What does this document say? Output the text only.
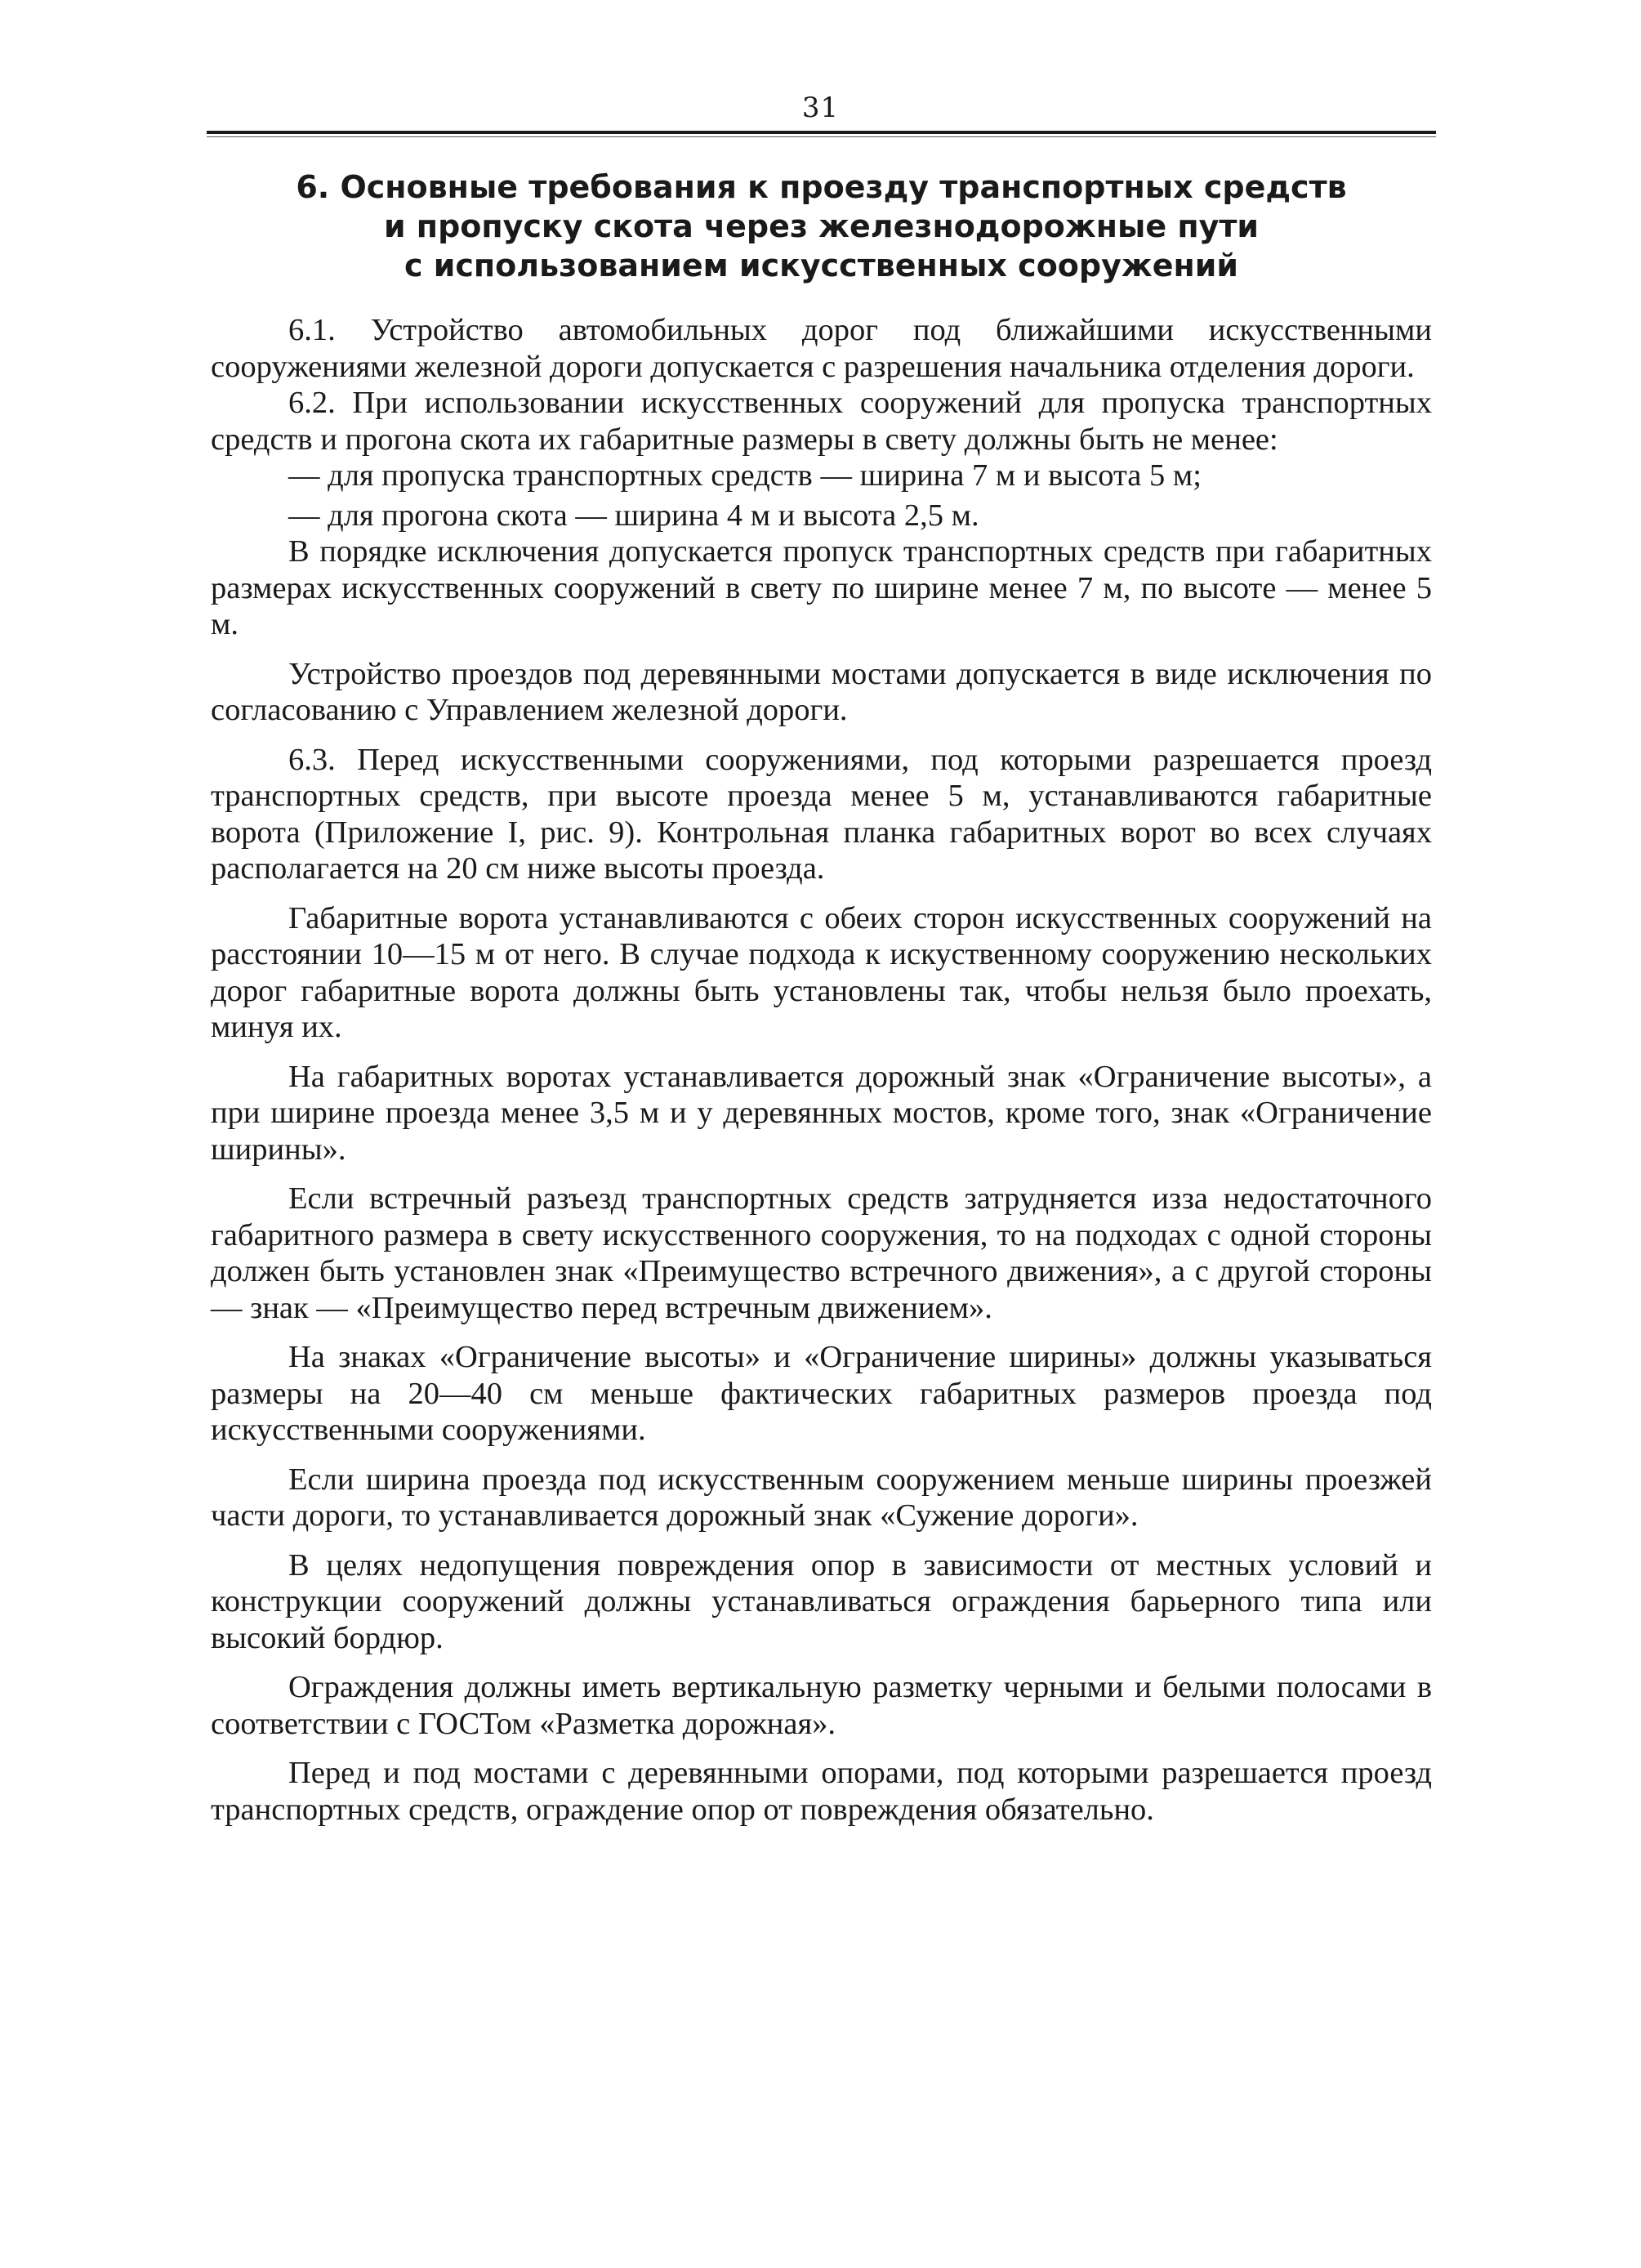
31
6. Основные требования к проезду транспортных средств
и пропуску скота через железнодорожные пути
с использованием искусственных сооружений

6.1. Устройство автомобильных дорог под ближайшими искусственными сооружениями железной дороги допускается с разрешения начальника отделения дороги.

6.2. При использовании искусственных сооружений для пропуска транспортных средств и прогона скота их габаритные размеры в свету должны быть не менее:

— для пропуска транспортных средств — ширина 7 м и высота 5 м;

— для прогона скота — ширина 4 м и высота 2,5 м.

В порядке исключения допускается пропуск транспортных средств при габаритных размерах искусственных сооружений в свету по ширине менее 7 м, по высоте — менее 5 м.

Устройство проездов под деревянными мостами допускается в виде исключения по согласованию с Управлением железной дороги.

6.3. Перед искусственными сооружениями, под которыми разрешается проезд транспортных средств, при высоте проезда менее 5 м, устанавливаются габаритные ворота (Приложение I, рис. 9). Контрольная планка габаритных ворот во всех случаях располагается на 20 см ниже высоты проезда.

Габаритные ворота устанавливаются с обеих сторон искусственных сооружений на расстоянии 10—15 м от него. В случае подхода к искуственному сооружению нескольких дорог габаритные ворота должны быть установлены так, чтобы нельзя было проехать, минуя их.

На габаритных воротах устанавливается дорожный знак «Ограничение высоты», а при ширине проезда менее 3,5 м и у деревянных мостов, кроме того, знак «Ограничение ширины».

Если встречный разъезд транспортных средств затрудняется изза недостаточного габаритного размера в свету искусственного сооружения, то на подходах с одной стороны должен быть установлен знак «Преимущество встречного движения», а с другой стороны — знак — «Преимущество перед встречным движением».

На знаках «Ограничение высоты» и «Ограничение ширины» должны указываться размеры на 20—40 см меньше фактических габаритных размеров проезда под искусственными сооружениями.

Если ширина проезда под искусственным сооружением меньше ширины проезжей части дороги, то устанавливается дорожный знак «Сужение дороги».

В целях недопущения повреждения опор в зависимости от местных условий и конструкции сооружений должны устанавливаться ограждения барьерного типа или высокий бордюр.

Ограждения должны иметь вертикальную разметку черными и белыми полосами в соответствии с ГОСТом «Разметка дорожная».

Перед и под мостами с деревянными опорами, под которыми разрешается проезд транспортных средств, ограждение опор от повреждения обязательно.
